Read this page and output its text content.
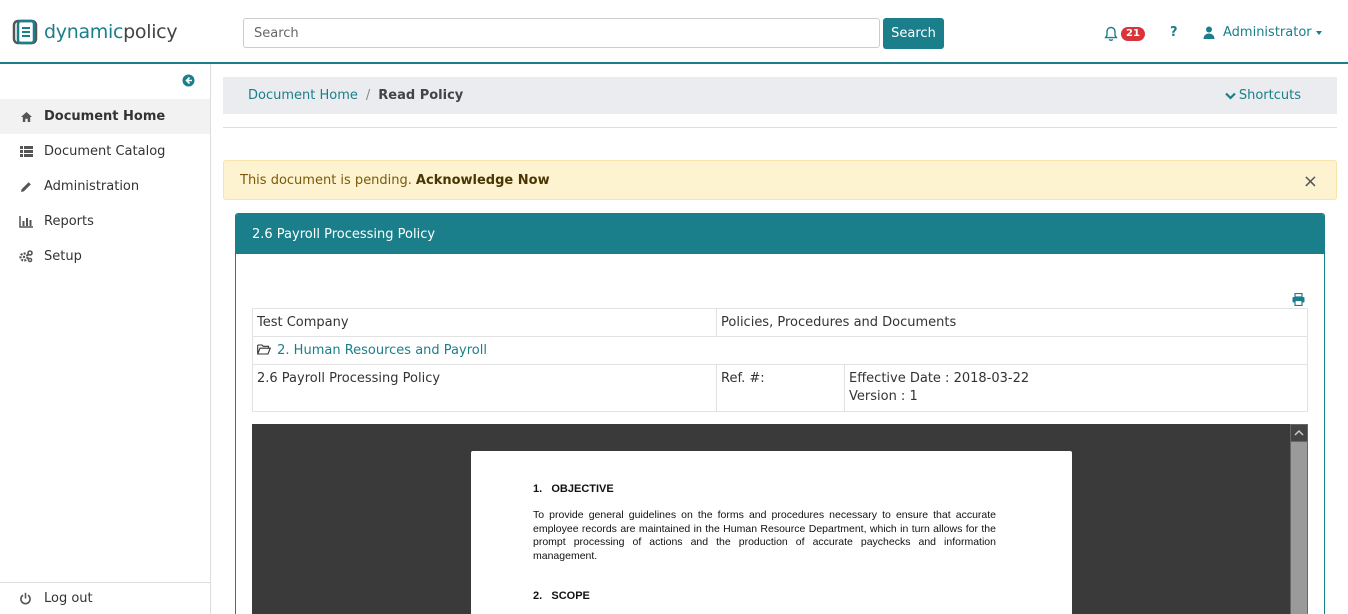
dynamicpolicy
Search	Search	21	?	Administrator
Document Home
Document Catalog
Administration
Reports
Setup
Log out
Document Home / Read Policy	Shortcuts
This document is pending. Acknowledge Now	×
2.6 Payroll Processing Policy
Test Company	Policies, Procedures and Documents	
2. Human Resources and Payroll		
2.6 Payroll Processing Policy	Ref. #:	Effective Date : 2018-03-22
Version : 1
1. OBJECTIVE
To provide general guidelines on the forms and procedures necessary to ensure that accurate employee records are maintained in the Human Resource Department, which in turn allows for the prompt processing of actions and the production of accurate paychecks and information management.
2. SCOPE
